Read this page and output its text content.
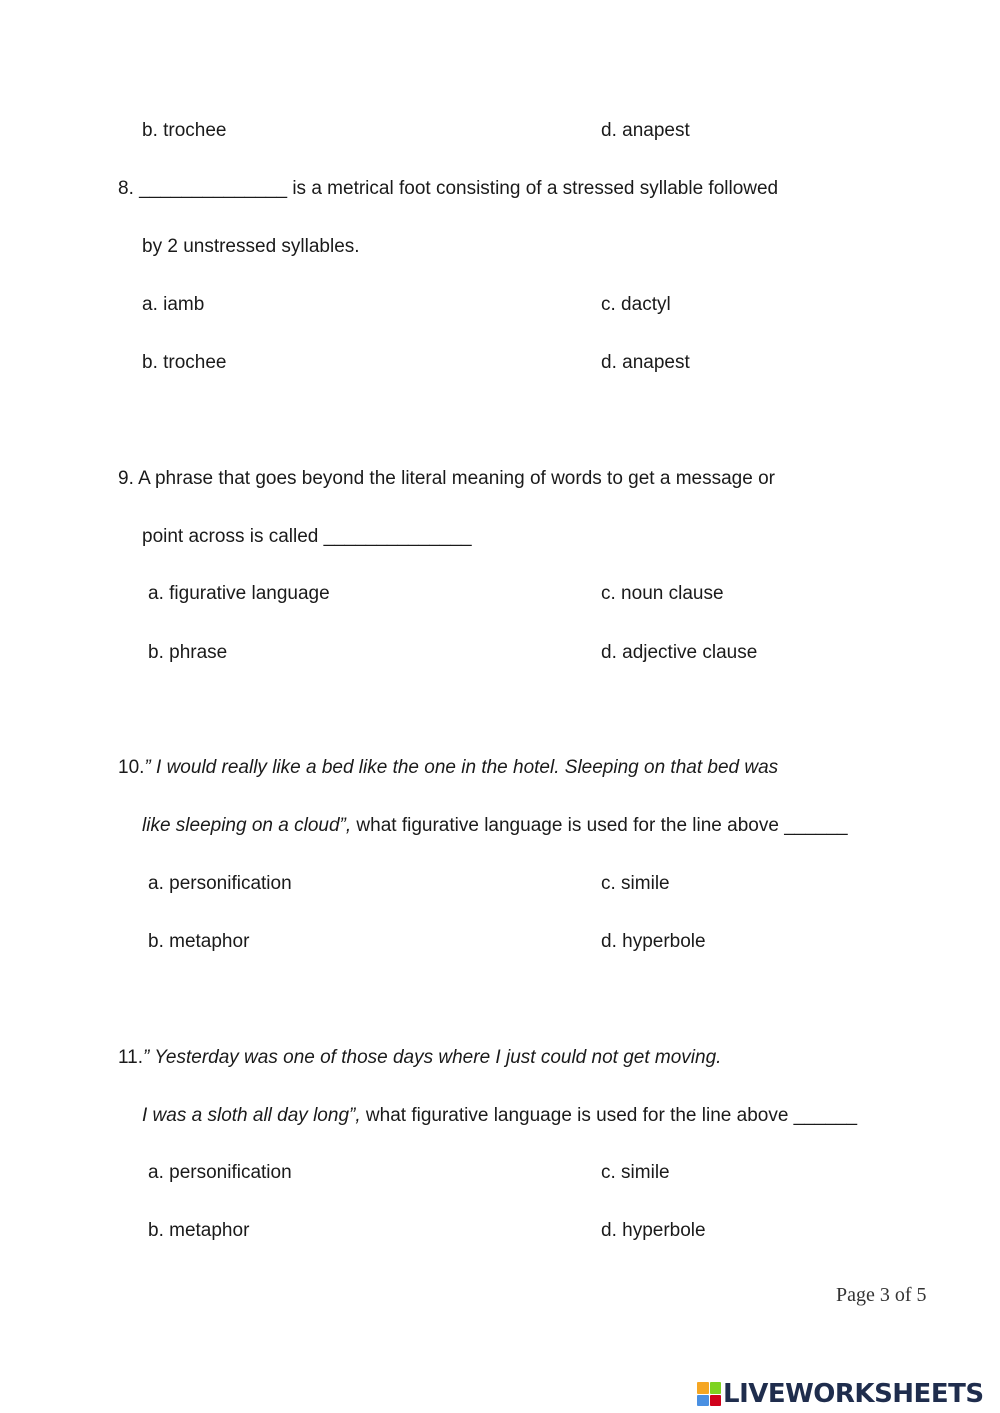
b. trochee	d. anapest
8. ______________ is a metrical foot consisting of a stressed syllable followed
by 2 unstressed syllables.
a. iamb	c. dactyl
b. trochee	d. anapest
9. A phrase that goes beyond the literal meaning of words to get a message or
point across is called ______________
a. figurative language	c. noun clause
b. phrase	d. adjective clause
10.” I would really like a bed like the one in the hotel. Sleeping on that bed was
like sleeping on a cloud”, what figurative language is used for the line above ______
a. personification	c. simile
b. metaphor	d. hyperbole
11.” Yesterday was one of those days where I just could not get moving.
I was a sloth all day long”, what figurative language is used for the line above ______
a. personification	c. simile
b. metaphor	d. hyperbole
Page 3 of 5
LIVEWORKSHEETS
